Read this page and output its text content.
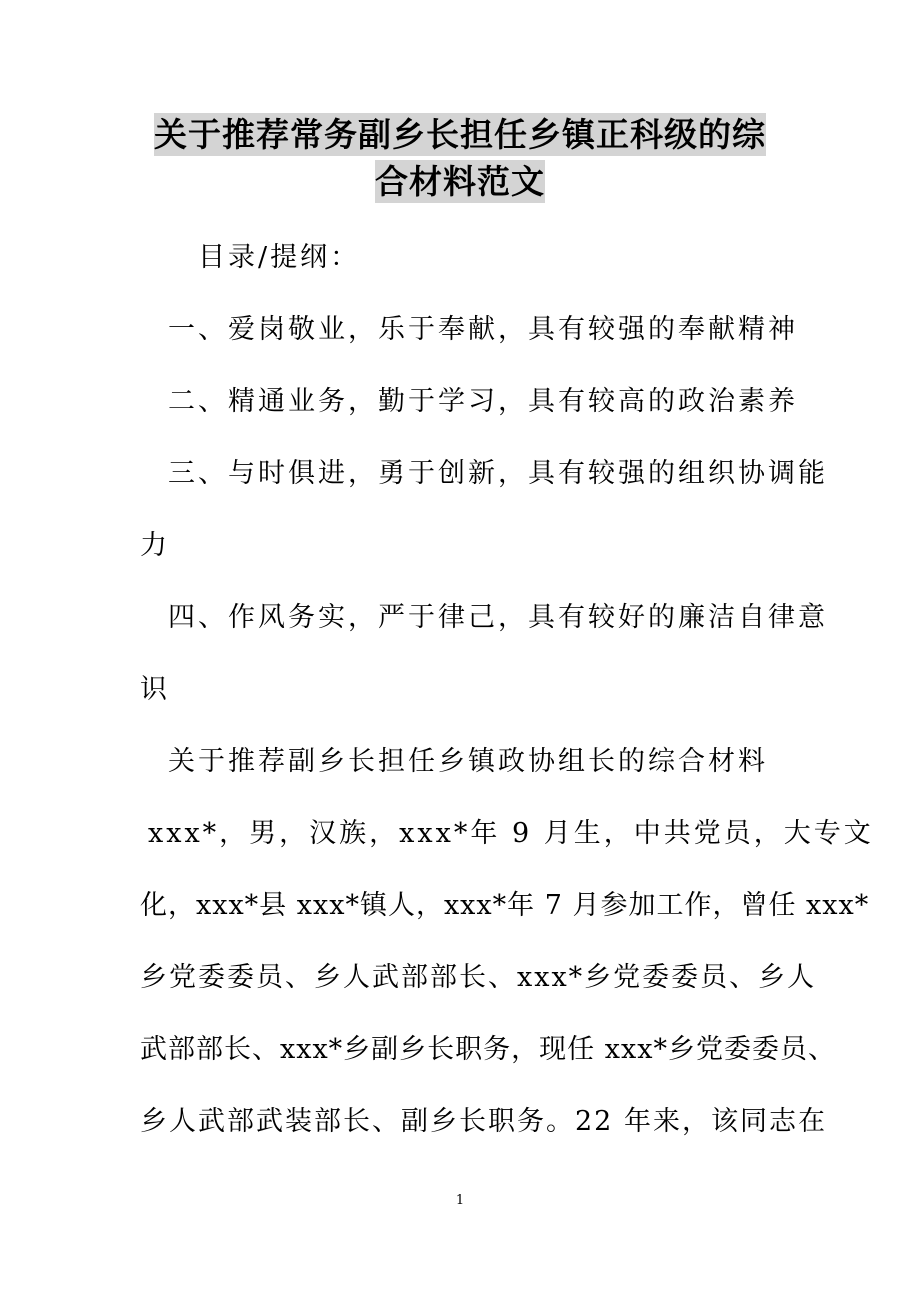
关于推荐常务副乡长担任乡镇正科级的综
合材料范文
目录/提纲：
一、爱岗敬业，乐于奉献，具有较强的奉献精神
二、精通业务，勤于学习，具有较高的政治素养
三、与时俱进，勇于创新，具有较强的组织协调能
力
四、作风务实，严于律己，具有较好的廉洁自律意
识
关于推荐副乡长担任乡镇政协组长的综合材料
xxx*，男，汉族，xxx*年 9 月生，中共党员，大专文
化，xxx*县 xxx*镇人，xxx*年 7 月参加工作，曾任 xxx*
乡党委委员、乡人武部部长、xxx*乡党委委员、乡人
武部部长、xxx*乡副乡长职务，现任 xxx*乡党委委员、
乡人武部武装部长、副乡长职务。22 年来，该同志在
1
